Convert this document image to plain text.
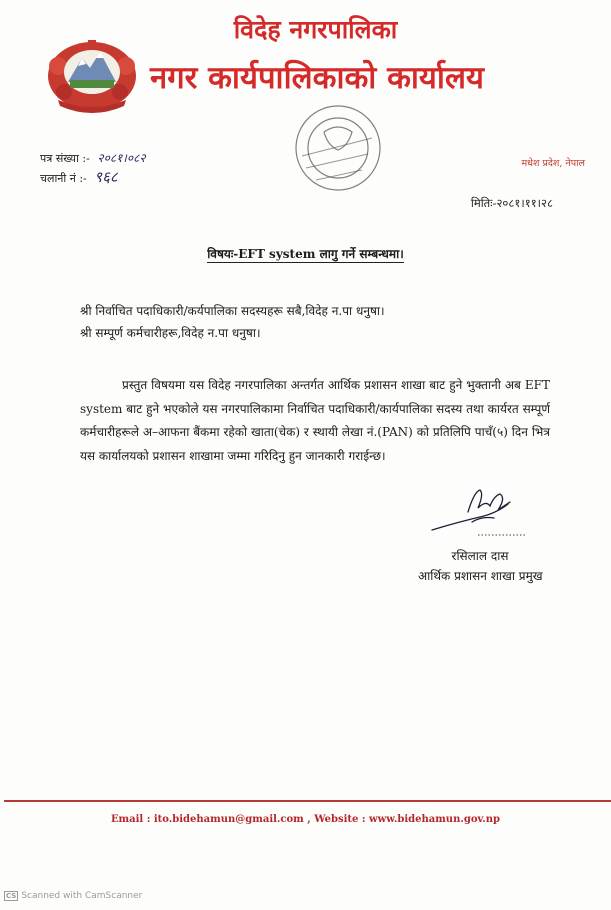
विदेह नगरपालिका
नगर कार्यपालिकाको कार्यालय
पत्र संख्या :- २०८१।०८२
चलानी नं :- ९६८
मधेश प्रदेश, नेपाल
मितिः-२०८१।११।२८
विषयः-EFT system लागु गर्ने सम्बन्धमा।
श्री निर्वाचित पदाधिकारी/कर्यपालिका सदस्यहरू सबै,विदेह न.पा धनुषा।
श्री सम्पूर्ण कर्मचारीहरू,विदेह न.पा धनुषा।
प्रस्तुत विषयमा यस विदेह नगरपालिका अन्तर्गत आर्थिक प्रशासन शाखा बाट हुने भुक्तानी अब EFT system बाट हुने भएकोले यस नगरपालिकामा निर्वाचित पदाधिकारी/कार्यपालिका सदस्य तथा कार्यरत सम्पूर्ण कर्मचारीहरूले अ–आफना बैंकमा रहेको खाता(चेक) र स्थायी लेखा नं.(PAN) को प्रतिलिपि पाचँ(५) दिन भित्र यस कार्यालयको प्रशासन शाखामा जम्मा गरिदिनु हुन जानकारी गराईन्छ।
रसिलाल दास
आर्थिक प्रशासन शाखा प्रमुख
Email : ito.bidehamun@gmail.com , Website : www.bidehamun.gov.np
CS Scanned with CamScanner
